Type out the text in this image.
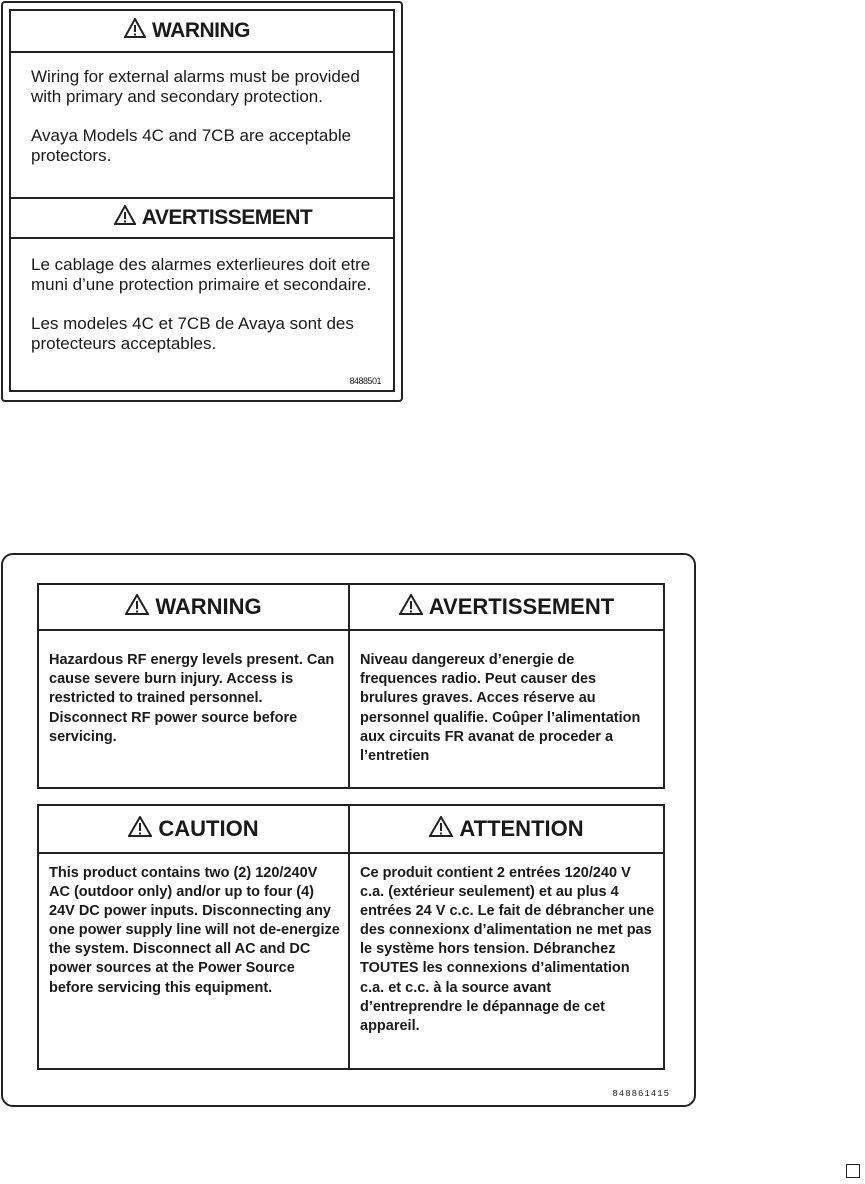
WARNING

Wiring for external alarms must be provided with primary and secondary protection.

Avaya Models 4C and 7CB are acceptable protectors.

AVERTISSEMENT

Le cablage des alarmes exterlieures doit etre muni d’une protection primaire et secondaire.

Les modeles 4C et 7CB de Avaya sont des protecteurs acceptables.

8488501
WARNING	AVERTISSEMENT
Hazardous RF energy levels present. Can cause severe burn injury. Access is restricted to trained personnel. Disconnect RF power source before servicing.
Niveau dangereux d’energie de frequences radio. Peut causer des brulures graves. Acces réserve au personnel qualifie. Coûper l’alimentation aux circuits FR avanat de proceder a l’entretien
CAUTION	ATTENTION
This product contains two (2) 120/240V AC (outdoor only) and/or up to four (4) 24V DC power inputs. Disconnecting any one power supply line will not de-energize the system. Disconnect all AC and DC power sources at the Power Source before servicing this equipment.
Ce produit contient 2 entrées 120/240 V c.a. (extérieur seulement) et au plus 4 entrées 24 V c.c. Le fait de débrancher une des connexionx d’alimentation ne met pas le système hors tension. Débranchez TOUTES les connexions d’alimentation c.a. et c.c. à la source avant d’entreprendre le dépannage de cet appareil.
848861415
